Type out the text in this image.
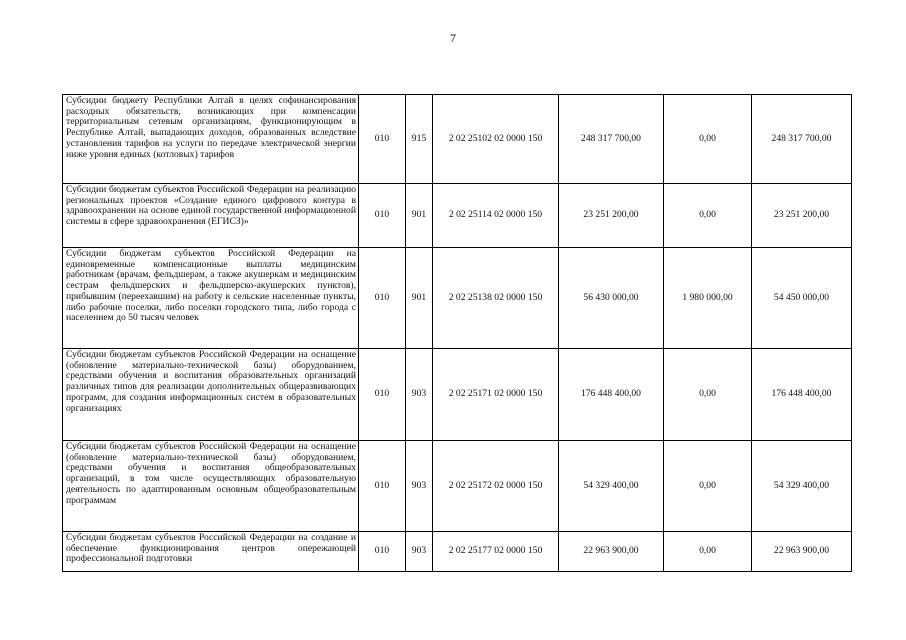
7
Субсидии бюджету Республики Алтай в целях софинансирования расходных обязательств, возникающих при компенсации территориальным сетевым организациям, функционирующим в Республике Алтай, выпадающих доходов, образованных вследствие установления тарифов на услуги по передаче электрической энергии ниже уровня единых (котловых) тарифов	010	915	2 02 25102 02 0000 150	248 317 700,00	0,00	248 317 700,00
Субсидии бюджетам субъектов Российской Федерации на реализацию региональных проектов «Создание единого цифрового контура в здравоохранении на основе единой государственной информационной системы в сфере здравоохранения (ЕГИСЗ)»	010	901	2 02 25114 02 0000 150	23 251 200,00	0,00	23 251 200,00
Субсидии бюджетам субъектов Российской Федерации на единовременные компенсационные выплаты медицинским работникам (врачам, фельдшерам, а также акушеркам и медицинским сестрам фельдшерских и фельдшерско-акушерских пунктов), прибывшим (переехавшим) на работу в сельские населенные пункты, либо рабочие поселки, либо поселки городского типа, либо города с населением до 50 тысяч человек	010	901	2 02 25138 02 0000 150	56 430 000,00	1 980 000,00	54 450 000,00
Субсидии бюджетам субъектов Российской Федерации на оснащение (обновление материально-технической базы) оборудованием, средствами обучения и воспитания образовательных организаций различных типов для реализации дополнительных общеразвивающих программ, для создания информационных систем в образовательных организациях	010	903	2 02 25171 02 0000 150	176 448 400,00	0,00	176 448 400,00
Субсидии бюджетам субъектов Российской Федерации на оснащение (обновление материально-технической базы) оборудованием, средствами обучения и воспитания общеобразовательных организаций, в том числе осуществляющих образовательную деятельность по адаптированным основным общеобразовательным программам	010	903	2 02 25172 02 0000 150	54 329 400,00	0,00	54 329 400,00
Субсидии бюджетам субъектов Российской Федерации на создание и обеспечение функционирования центров опережающей профессиональной подготовки	010	903	2 02 25177 02 0000 150	22 963 900,00	0,00	22 963 900,00
